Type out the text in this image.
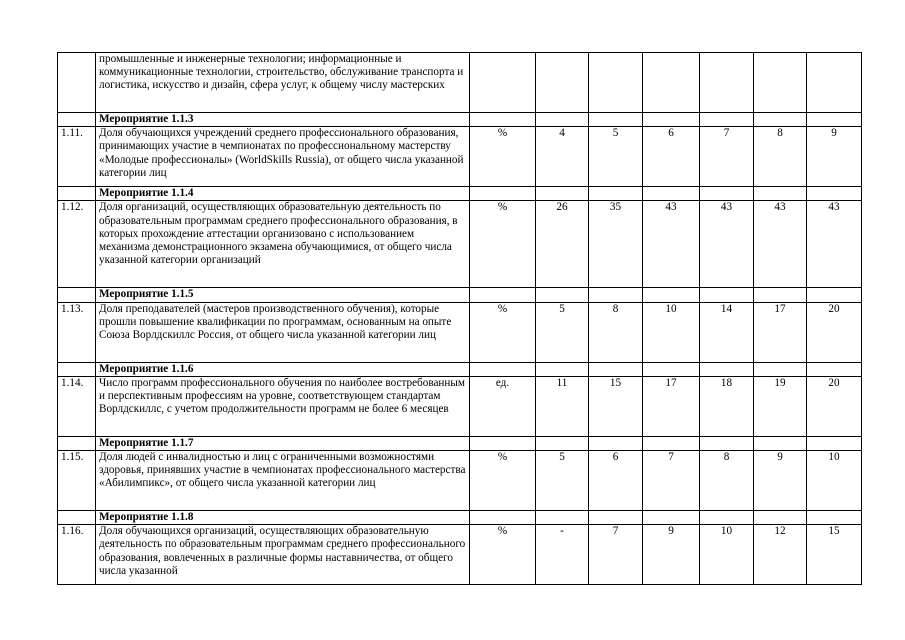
	промышленные и инженерные технологии; информационные и коммуникационные технологии, строительство, обслуживание транспорта и логистика, искусство и дизайн, сфера услуг, к общему числу мастерских							

	Мероприятие 1.1.3							
1.11.	Доля обучающихся учреждений среднего профессионального образования, принимающих участие в чемпионатах по профессиональному мастерству «Молодые профессионалы» (WorldSkills Russia), от общего числа указанной категории лиц	%	4	5	6	7	8	9
	Мероприятие 1.1.4							
1.12.	Доля организаций, осуществляющих образовательную деятельность по образовательным программам среднего профессионального образования, в которых прохождение аттестации организовано с использованием механизма демонстрационного экзамена обучающимися, от общего числа указанной категории организаций	%	26	35	43	43	43	43
	Мероприятие 1.1.5							
1.13.	Доля преподавателей (мастеров производственного обучения), которые прошли повышение квалификации по программам, основанным на опыте Союза Ворлдскиллс Россия, от общего числа указанной категории лиц	%	5	8	10	14	17	20
	Мероприятие 1.1.6							
1.14.	Число программ профессионального обучения по наиболее востребованным и перспективным профессиям на уровне, соответствующем стандартам Ворлдскиллс, с учетом продолжительности программ не более 6 месяцев	ед.	11	15	17	18	19	20
	Мероприятие 1.1.7							
1.15.	Доля людей с инвалидностью и лиц с ограниченными возможностями здоровья, принявших участие в чемпионатах профессионального мастерства «Абилимпикс», от общего числа указанной категории лиц	%	5	6	7	8	9	10
	Мероприятие 1.1.8							
1.16.	Доля обучающихся организаций, осуществляющих образовательную деятельность по образовательным программам среднего профессионального образования, вовлеченных в различные формы наставничества, от общего числа указанной	%	-	7	9	10	12	15
